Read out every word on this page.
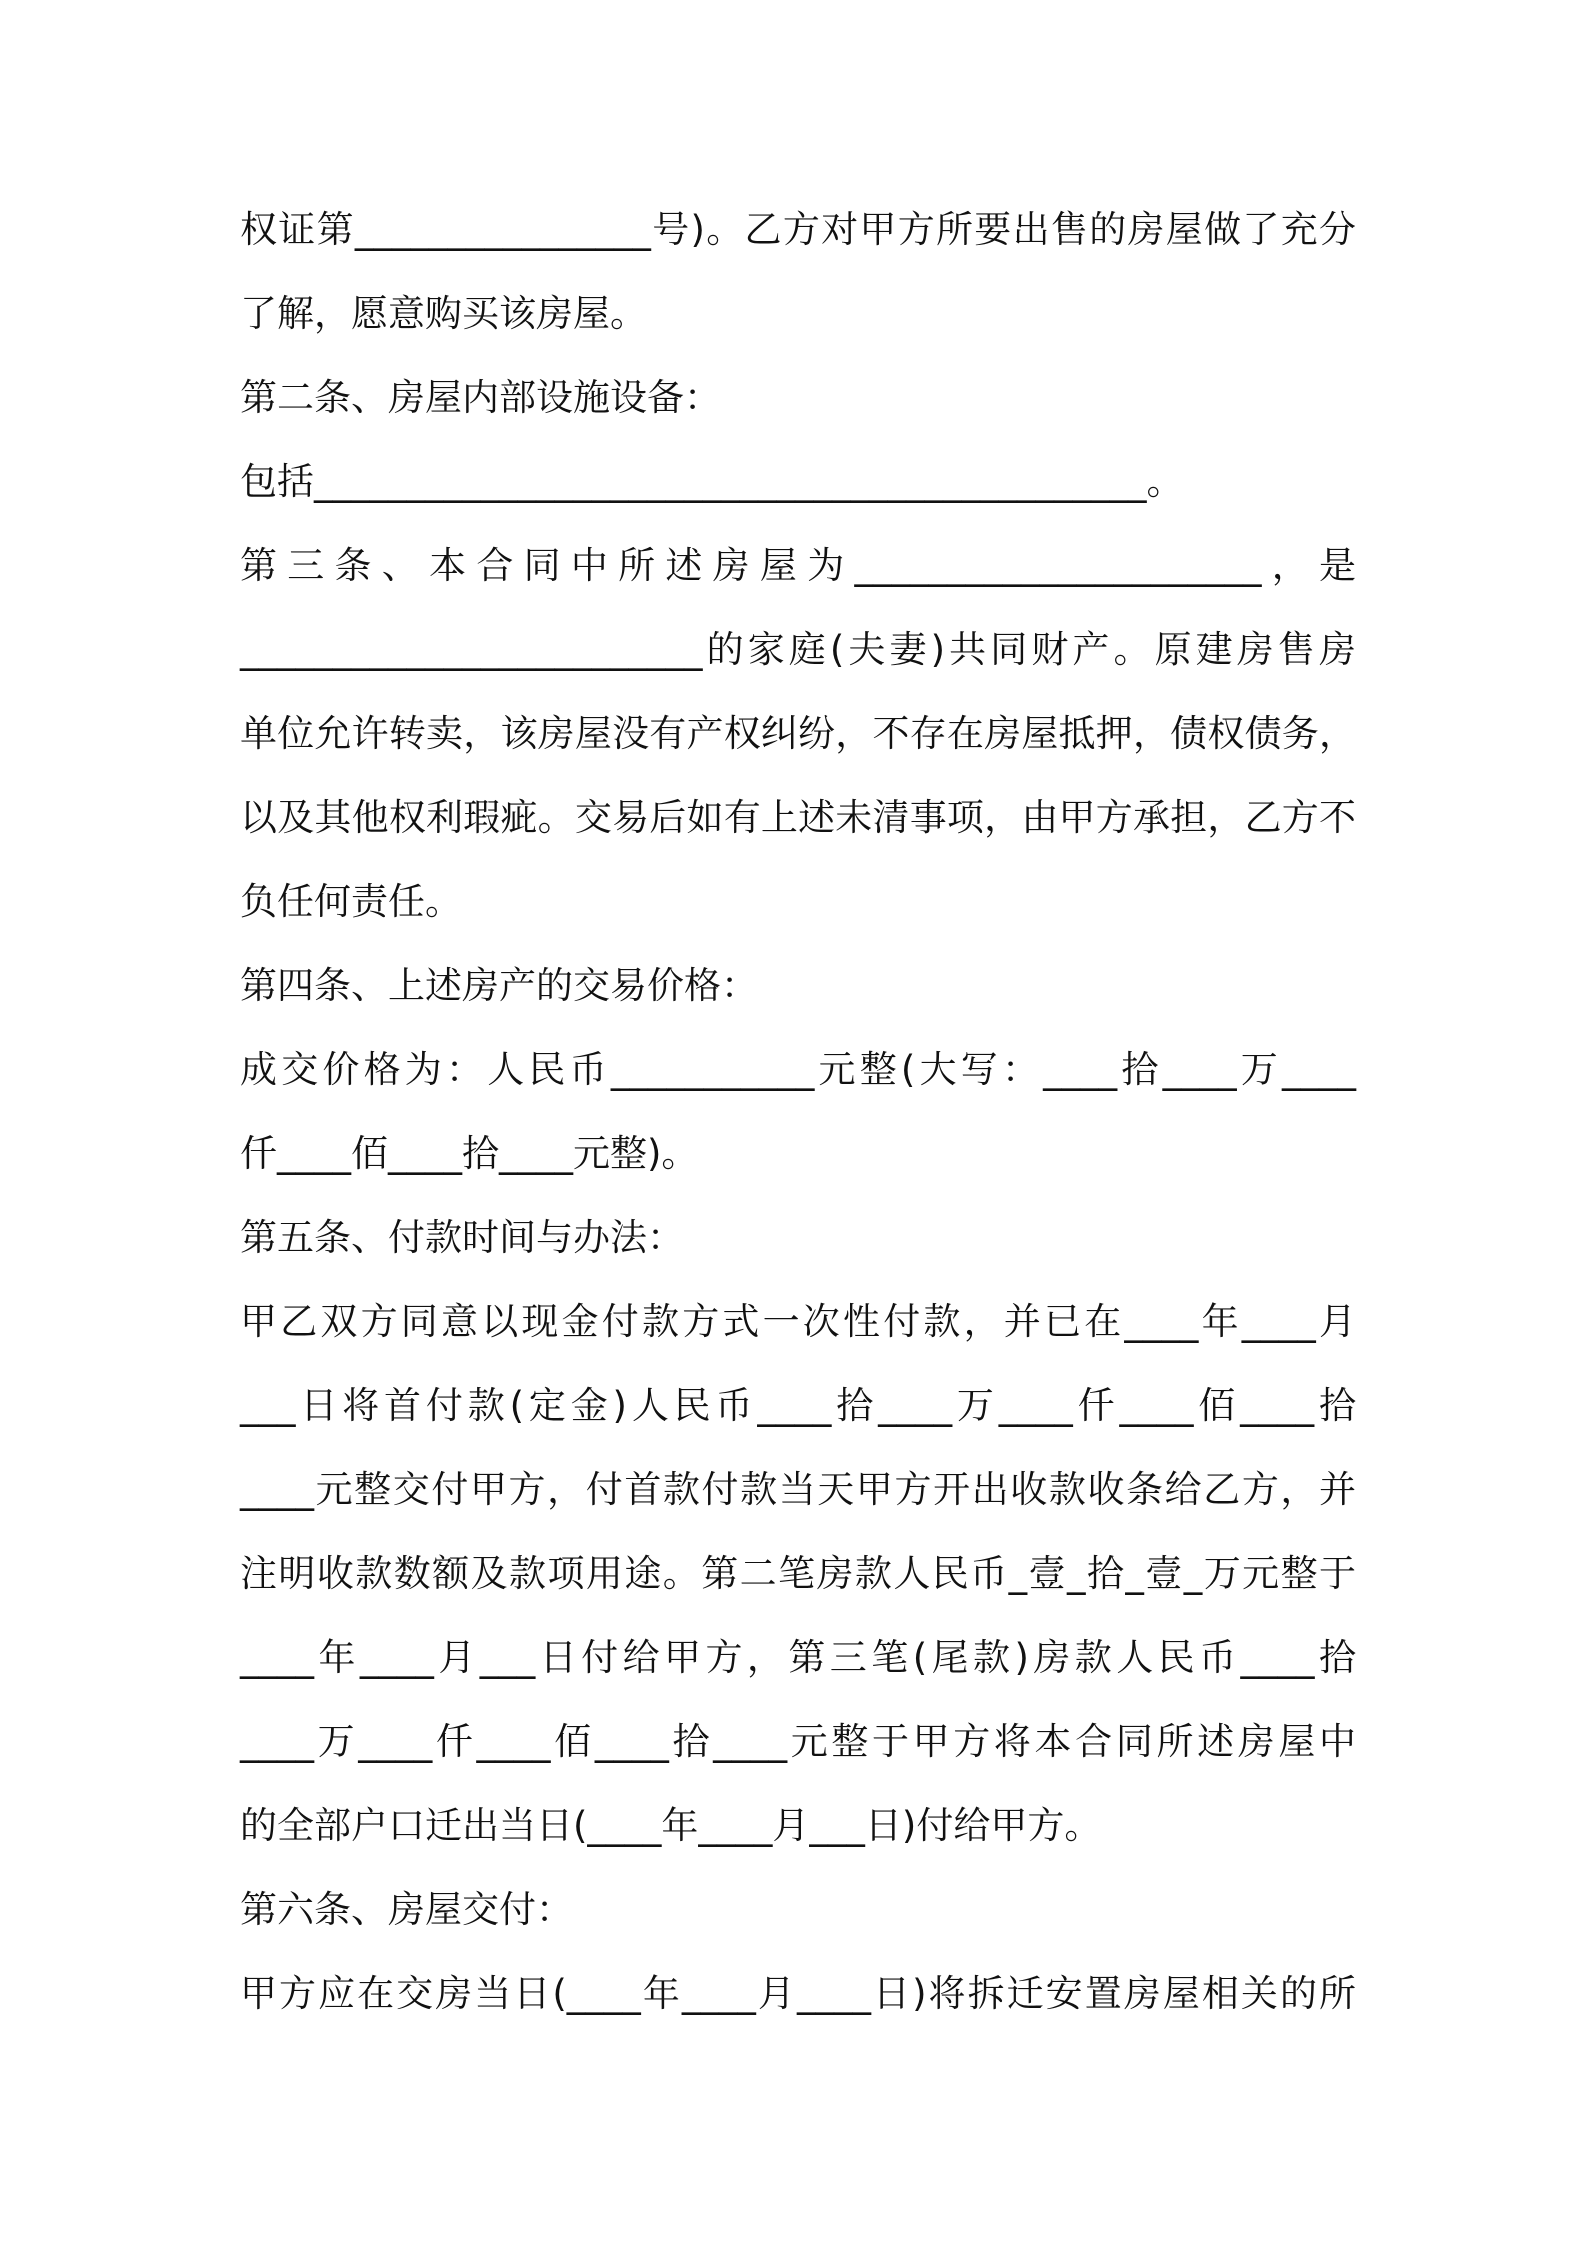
权证第________________号)。乙方对甲方所要出售的房屋做了充分
了解，愿意购买该房屋。
第二条、房屋内部设施设备：
包括_____________________________________________。
第三条、本合同中所述房屋为______________________，是
_________________________的家庭(夫妻)共同财产。原建房售房
单位允许转卖，该房屋没有产权纠纷，不存在房屋抵押，债权债务，
以及其他权利瑕疵。交易后如有上述未清事项，由甲方承担，乙方不
负任何责任。
第四条、上述房产的交易价格：
成交价格为：人民币___________元整(大写：____拾____万____
仟____佰____拾____元整)。
第五条、付款时间与办法：
甲乙双方同意以现金付款方式一次性付款，并已在____年____月
___日将首付款(定金)人民币____拾____万____仟____佰____拾
____元整交付甲方，付首款付款当天甲方开出收款收条给乙方，并
注明收款数额及款项用途。第二笔房款人民币_壹_拾_壹_万元整于
____年____月___日付给甲方，第三笔(尾款)房款人民币____拾
____万____仟____佰____拾____元整于甲方将本合同所述房屋中
的全部户口迁出当日(____年____月___日)付给甲方。
第六条、房屋交付：
甲方应在交房当日(____年____月____日)将拆迁安置房屋相关的所
